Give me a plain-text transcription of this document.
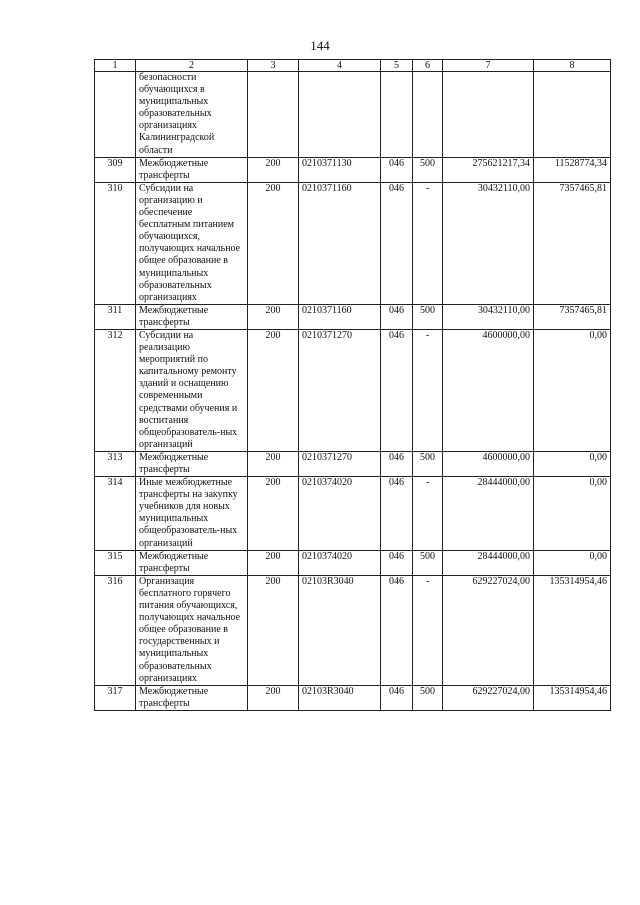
144
1	2	3	4	5	6	7	8
	безопасности обучающихся в муниципальных образовательных организациях Калининградской области						
309	Межбюджетные трансферты	200	0210371130	046	500	275621217,34	11528774,34
310	Субсидии на организацию и обеспечение бесплатным питанием обучающихся, получающих начальное общее образование в муниципальных образовательных организациях	200	0210371160	046	-	30432110,00	7357465,81
311	Межбюджетные трансферты	200	0210371160	046	500	30432110,00	7357465,81
312	Субсидии на реализацию мероприятий по капитальному ремонту зданий и оснащению современными средствами обучения и воспитания общеобразователь-ных организаций	200	0210371270	046	-	4600000,00	0,00
313	Межбюджетные трансферты	200	0210371270	046	500	4600000,00	0,00
314	Иные межбюджетные трансферты на закупку учебников для новых муниципальных общеобразователь-ных организаций	200	0210374020	046	-	28444000,00	0,00
315	Межбюджетные трансферты	200	0210374020	046	500	28444000,00	0,00
316	Организация бесплатного горячего питания обучающихся, получающих начальное общее образование в государственных и муниципальных образовательных организациях	200	02103R3040	046	-	629227024,00	135314954,46
317	Межбюджетные трансферты	200	02103R3040	046	500	629227024,00	135314954,46
